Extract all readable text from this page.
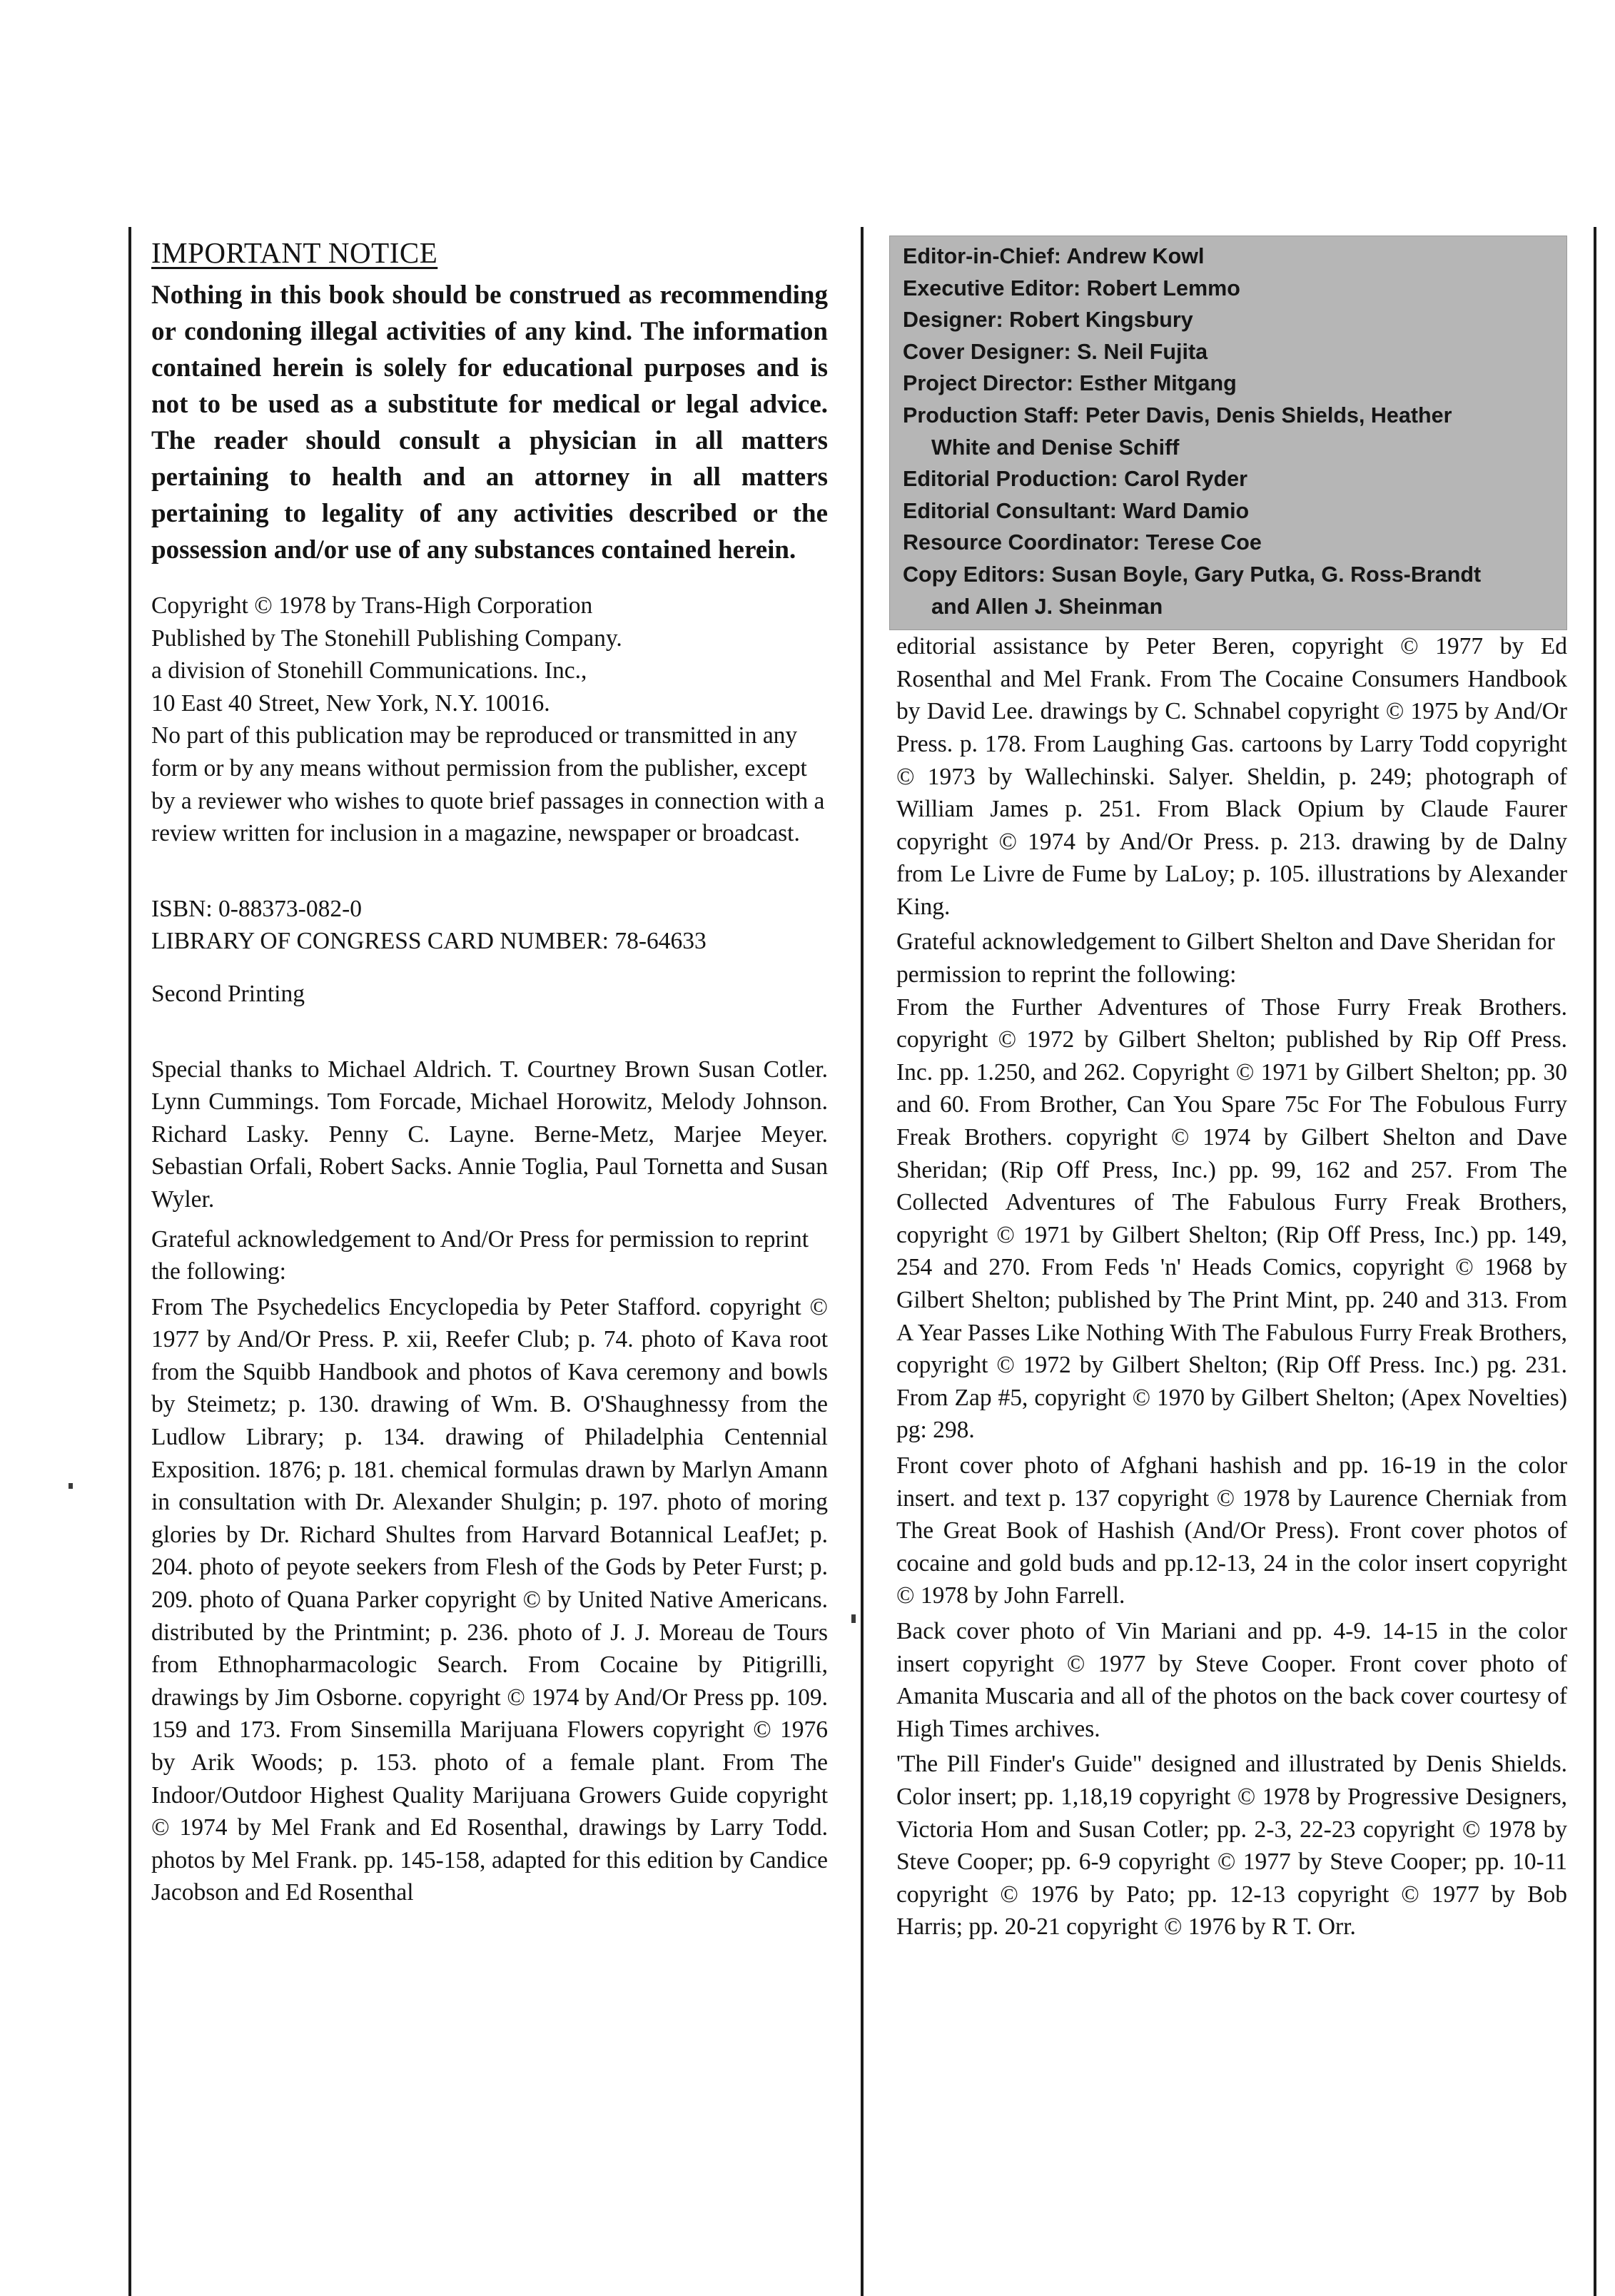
IMPORTANT NOTICE

Nothing in this book should be construed as recommending or condoning illegal activities of any kind. The information contained herein is solely for educational purposes and is not to be used as a substitute for medical or legal advice. The reader should consult a physician in all matters pertaining to health and an attorney in all matters pertaining to legality of any activities described or the possession and/or use of any substances contained herein.

Copyright © 1978 by Trans-High Corporation

Published by The Stonehill Publishing Company.

a division of Stonehill Communications. Inc.,

10 East 40 Street, New York, N.Y. 10016.

No part of this publication may be reproduced or transmitted in any form or by any means without permission from the publisher, except by a reviewer who wishes to quote brief passages in connection with a review written for inclusion in a magazine, newspaper or broadcast.

ISBN: 0-88373-082-0

LIBRARY OF CONGRESS CARD NUMBER: 78-64633

Second Printing

Special thanks to Michael Aldrich. T. Courtney Brown Susan Cotler. Lynn Cummings. Tom Forcade, Michael Horowitz, Melody Johnson. Richard Lasky. Penny C. Layne. Berne-Metz, Marjee Meyer. Sebastian Orfali, Robert Sacks. Annie Toglia, Paul Tornetta and Susan Wyler.

Grateful acknowledgement to And/Or Press for permission to reprint the following:

From The Psychedelics Encyclopedia by Peter Stafford. copyright © 1977 by And/Or Press. P. xii, Reefer Club; p. 74. photo of Kava root from the Squibb Handbook and photos of Kava ceremony and bowls by Steimetz; p. 130. drawing of Wm. B. O'Shaughnessy from the Ludlow Library; p. 134. drawing of Philadelphia Centennial Exposition. 1876; p. 181. chemical formulas drawn by Marlyn Amann in consultation with Dr. Alexander Shulgin; p. 197. photo of moring glories by Dr. Richard Shultes from Harvard Botannical LeafJet; p. 204. photo of peyote seekers from Flesh of the Gods by Peter Furst; p. 209. photo of Quana Parker copyright © by United Native Americans. distributed by the Printmint; p. 236. photo of J. J. Moreau de Tours from Ethnopharmacologic Search. From Cocaine by Pitigrilli, drawings by Jim Osborne. copyright © 1974 by And/Or Press pp. 109. 159 and 173. From Sinsemilla Marijuana Flowers copyright © 1976 by Arik Woods; p. 153. photo of a female plant. From The Indoor/Outdoor Highest Quality Marijuana Growers Guide copyright © 1974 by Mel Frank and Ed Rosenthal, drawings by Larry Todd. photos by Mel Frank. pp. 145-158, adapted for this edition by Candice Jacobson and Ed Rosenthal

Editor-in-Chief: Andrew Kowl
Executive Editor: Robert Lemmo
Designer: Robert Kingsbury
Cover Designer: S. Neil Fujita
Project Director: Esther Mitgang
Production Staff: Peter Davis, Denis Shields, Heather
White and Denise Schiff
Editorial Production: Carol Ryder
Editorial Consultant: Ward Damio
Resource Coordinator: Terese Coe
Copy Editors: Susan Boyle, Gary Putka, G. Ross-Brandt
and Allen J. Sheinman

editorial assistance by Peter Beren, copyright © 1977 by Ed Rosenthal and Mel Frank. From The Cocaine Consumers Handbook by David Lee. drawings by C. Schnabel copyright © 1975 by And/Or Press. p. 178. From Laughing Gas. cartoons by Larry Todd copyright © 1973 by Wallechinski. Salyer. Sheldin, p. 249; photograph of William James p. 251. From Black Opium by Claude Faurer copyright © 1974 by And/Or Press. p. 213. drawing by de Dalny from Le Livre de Fume by LaLoy; p. 105. illustrations by Alexander King.

Grateful acknowledgement to Gilbert Shelton and Dave Sheridan for permission to reprint the following:

From the Further Adventures of Those Furry Freak Brothers. copyright © 1972 by Gilbert Shelton; published by Rip Off Press. Inc. pp. 1.250, and 262. Copyright © 1971 by Gilbert Shelton; pp. 30 and 60. From Brother, Can You Spare 75c For The Fobulous Furry Freak Brothers. copyright © 1974 by Gilbert Shelton and Dave Sheridan; (Rip Off Press, Inc.) pp. 99, 162 and 257. From The Collected Adventures of The Fabulous Furry Freak Brothers, copyright © 1971 by Gilbert Shelton; (Rip Off Press, Inc.) pp. 149, 254 and 270. From Feds 'n' Heads Comics, copyright © 1968 by Gilbert Shelton; published by The Print Mint, pp. 240 and 313. From A Year Passes Like Nothing With The Fabulous Furry Freak Brothers, copyright © 1972 by Gilbert Shelton; (Rip Off Press. Inc.) pg. 231. From Zap #5, copyright © 1970 by Gilbert Shelton; (Apex Novelties) pg: 298.

Front cover photo of Afghani hashish and pp. 16-19 in the color insert. and text p. 137 copyright © 1978 by Laurence Cherniak from The Great Book of Hashish (And/Or Press). Front cover photos of cocaine and gold buds and pp.12-13, 24 in the color insert copyright © 1978 by John Farrell.

Back cover photo of Vin Mariani and pp. 4-9. 14-15 in the color insert copyright © 1977 by Steve Cooper. Front cover photo of Amanita Muscaria and all of the photos on the back cover courtesy of High Times archives.

'The Pill Finder's Guide" designed and illustrated by Denis Shields. Color insert; pp. 1,18,19 copyright © 1978 by Progressive Designers, Victoria Hom and Susan Cotler; pp. 2-3, 22-23 copyright © 1978 by Steve Cooper; pp. 6-9 copyright © 1977 by Steve Cooper; pp. 10-11 copyright © 1976 by Pato; pp. 12-13 copyright © 1977 by Bob Harris; pp. 20-21 copyright © 1976 by R T. Orr.
